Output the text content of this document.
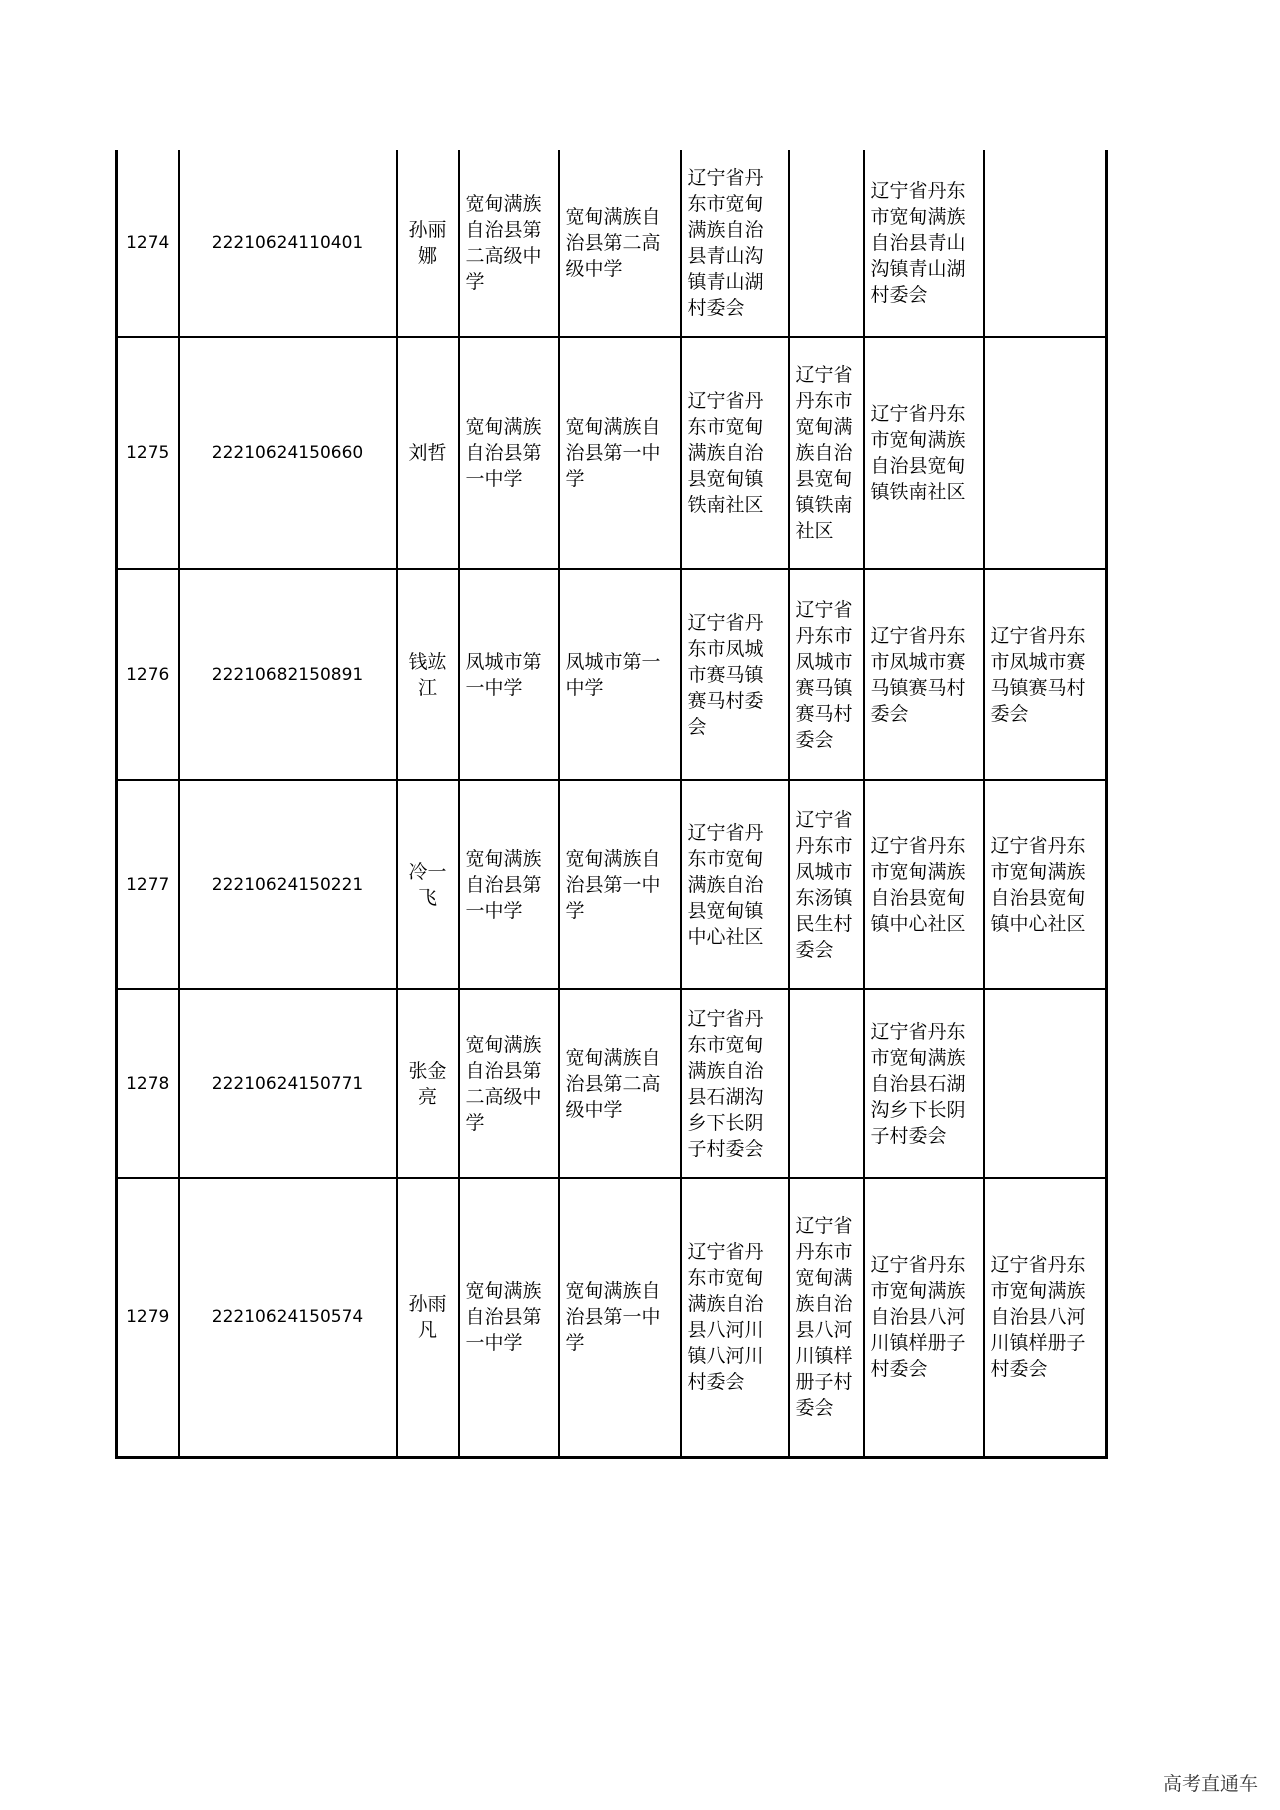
1274	22210624110401	孙丽娜	宽甸满族自治县第二高级中学	宽甸满族自治县第二高级中学	辽宁省丹东市宽甸满族自治县青山沟镇青山湖村委会		辽宁省丹东市宽甸满族自治县青山沟镇青山湖村委会	
1275	22210624150660	刘哲	宽甸满族自治县第一中学	宽甸满族自治县第一中学	辽宁省丹东市宽甸满族自治县宽甸镇铁南社区	辽宁省丹东市宽甸满族自治县宽甸镇铁南社区	辽宁省丹东市宽甸满族自治县宽甸镇铁南社区	
1276	22210682150891	钱竑江	凤城市第一中学	凤城市第一中学	辽宁省丹东市凤城市赛马镇赛马村委会	辽宁省丹东市凤城市赛马镇赛马村委会	辽宁省丹东市凤城市赛马镇赛马村委会	辽宁省丹东市凤城市赛马镇赛马村委会
1277	22210624150221	冷一飞	宽甸满族自治县第一中学	宽甸满族自治县第一中学	辽宁省丹东市宽甸满族自治县宽甸镇中心社区	辽宁省丹东市凤城市东汤镇民生村委会	辽宁省丹东市宽甸满族自治县宽甸镇中心社区	辽宁省丹东市宽甸满族自治县宽甸镇中心社区
1278	22210624150771	张金亮	宽甸满族自治县第二高级中学	宽甸满族自治县第二高级中学	辽宁省丹东市宽甸满族自治县石湖沟乡下长阴子村委会		辽宁省丹东市宽甸满族自治县石湖沟乡下长阴子村委会	
1279	22210624150574	孙雨凡	宽甸满族自治县第一中学	宽甸满族自治县第一中学	辽宁省丹东市宽甸满族自治县八河川镇八河川村委会	辽宁省丹东市宽甸满族自治县八河川镇样册子村委会	辽宁省丹东市宽甸满族自治县八河川镇样册子村委会	辽宁省丹东市宽甸满族自治县八河川镇样册子村委会
高考直通车
